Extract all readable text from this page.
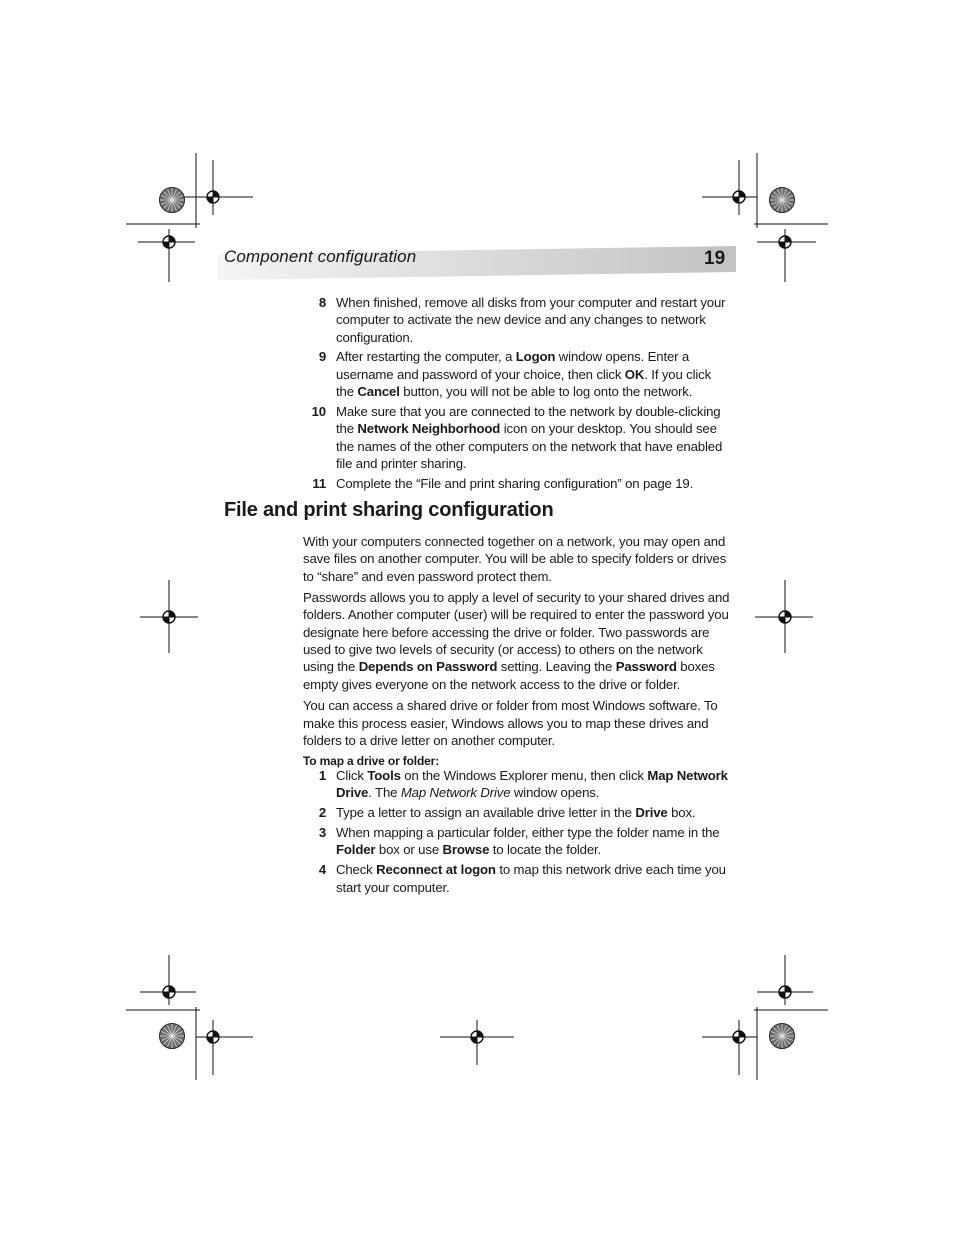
Component configuration	19
8 When finished, remove all disks from your computer and restart your computer to activate the new device and any changes to network configuration.
9 After restarting the computer, a Logon window opens. Enter a username and password of your choice, then click OK. If you click the Cancel button, you will not be able to log onto the network.
10 Make sure that you are connected to the network by double-clicking the Network Neighborhood icon on your desktop. You should see the names of the other computers on the network that have enabled file and printer sharing.
11 Complete the “File and print sharing configuration” on page 19.
File and print sharing configuration

With your computers connected together on a network, you may open and save files on another computer. You will be able to specify folders or drives to “share” and even password protect them.

Passwords allows you to apply a level of security to your shared drives and folders. Another computer (user) will be required to enter the password you designate here before accessing the drive or folder. Two passwords are used to give two levels of security (or access) to others on the network using the Depends on Password setting. Leaving the Password boxes empty gives everyone on the network access to the drive or folder.

You can access a shared drive or folder from most Windows software. To make this process easier, Windows allows you to map these drives and folders to a drive letter on another computer.

To map a drive or folder:
1 Click Tools on the Windows Explorer menu, then click Map Network Drive. The Map Network Drive window opens.
2 Type a letter to assign an available drive letter in the Drive box.
3 When mapping a particular folder, either type the folder name in the Folder box or use Browse to locate the folder.
4 Check Reconnect at logon to map this network drive each time you start your computer.
